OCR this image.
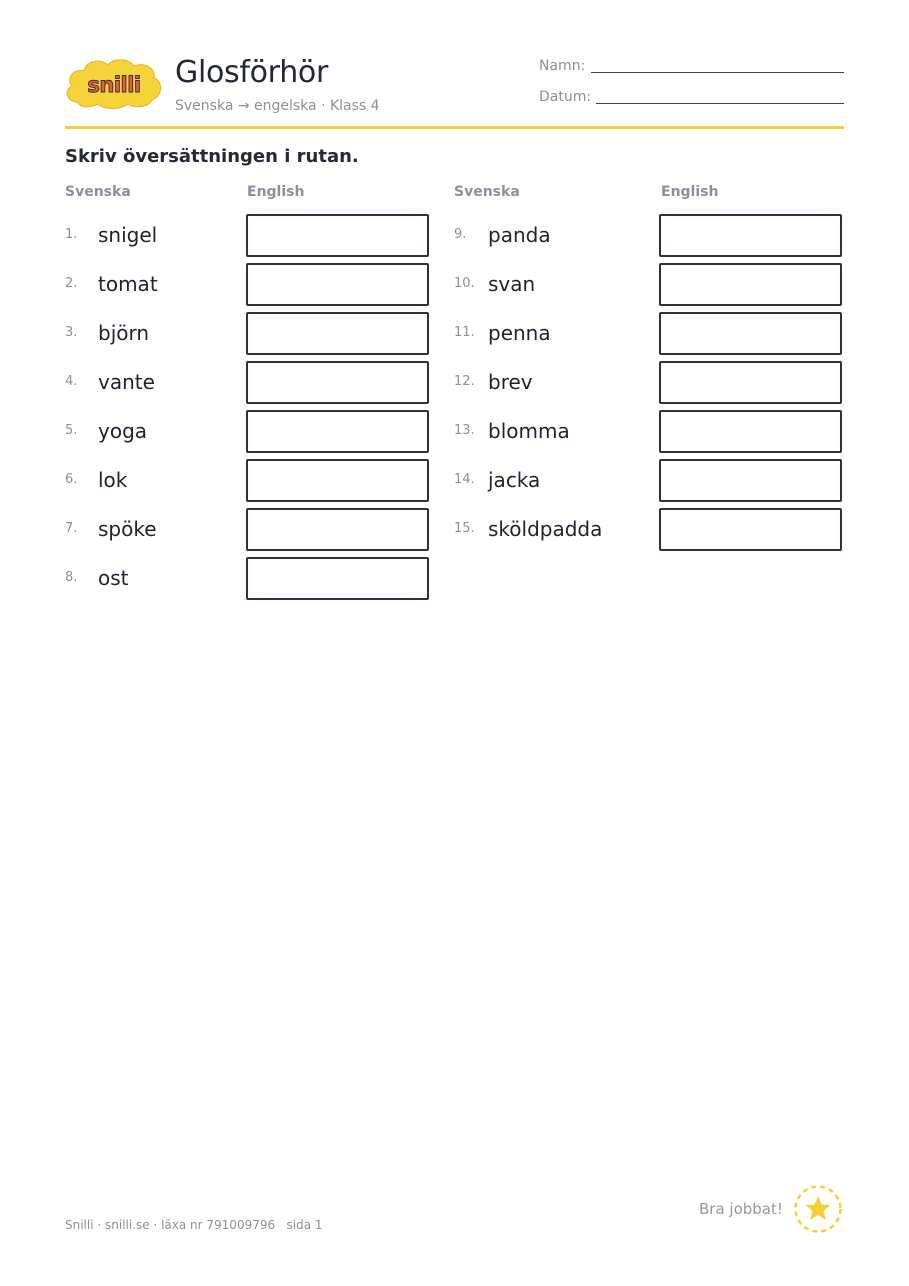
snilli Glosförhör
Svenska → engelska · Klass 4
Namn:
Datum:
Skriv översättningen i rutan.
Svenska	English	Svenska	English
1. snigel
2. tomat
3. björn
4. vante
5. yoga
6. lok
7. spöke
8. ost
9. panda
10. svan
11. penna
12. brev
13. blomma
14. jacka
15. sköldpadda
Snilli · snilli.se · läxa nr 791009796   sida 1
Bra jobbat!
